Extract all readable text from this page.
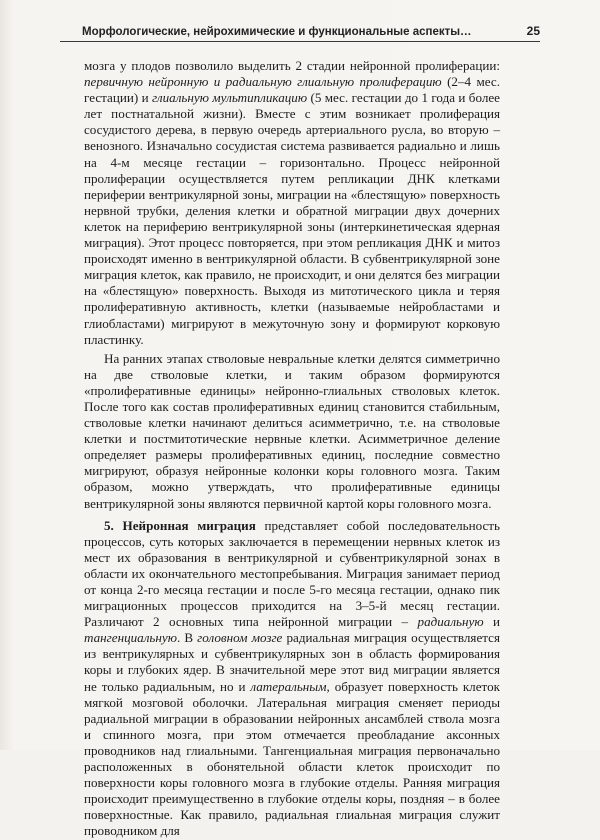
Морфологические, нейрохимические и функциональные аспекты…	25

мозга у плодов позволило выделить 2 стадии нейронной пролиферации: первичную нейронную и радиальную глиальную пролиферацию (2–4 мес. гестации) и глиальную мультипликацию (5 мес. гестации до 1 года и более лет постнатальной жизни). Вместе с этим возникает пролиферация сосудистого дерева, в первую очередь артериального русла, во вторую – венозного. Изначально сосудистая система развивается радиально и лишь на 4-м месяце гестации – горизонтально. Процесс нейронной пролиферации осуществляется путем репликации ДНК клетками периферии вентрикулярной зоны, миграции на «блестящую» поверхность нервной трубки, деления клетки и обратной миграции двух дочерних клеток на периферию вентрикулярной зоны (интеркинетическая ядерная миграция). Этот процесс повторяется, при этом репликация ДНК и митоз происходят именно в вентрикулярной области. В субвентрикулярной зоне миграция клеток, как правило, не происходит, и они делятся без миграции на «блестящую» поверхность. Выходя из митотического цикла и теряя пролиферативную активность, клетки (называемые нейробластами и глиобластами) мигрируют в межуточную зону и формируют корковую пластинку.

На ранних этапах стволовые невральные клетки делятся симметрично на две стволовые клетки, и таким образом формируются «пролиферативные единицы» нейронно-глиальных стволовых клеток. После того как состав пролиферативных единиц становится стабильным, стволовые клетки начинают делиться асимметрично, т.е. на стволовые клетки и постмитотические нервные клетки. Асимметричное деление определяет размеры пролиферативных единиц, последние совместно мигрируют, образуя нейронные колонки коры головного мозга. Таким образом, можно утверждать, что пролиферативные единицы вентрикулярной зоны являются первичной картой коры головного мозга.

5. Нейронная миграция представляет собой последовательность процессов, суть которых заключается в перемещении нервных клеток из мест их образования в вентрикулярной и субвентрикулярной зонах в области их окончательного местопребывания. Миграция занимает период от конца 2-го месяца гестации и после 5-го месяца гестации, однако пик миграционных процессов приходится на 3–5-й месяц гестации. Различают 2 основных типа нейронной миграции – радиальную и тангенциальную. В головном мозге радиальная миграция осуществляется из вентрикулярных и субвентрикулярных зон в область формирования коры и глубоких ядер. В значительной мере этот вид миграции является не только радиальным, но и латеральным, образует поверхность клеток мягкой мозговой оболочки. Латеральная миграция сменяет периоды радиальной миграции в образовании нейронных ансамблей ствола мозга и спинного мозга, при этом отмечается преобладание аксонных проводников над глиальными. Тангенциальная миграция первоначально расположенных в обонятельной области клеток происходит по поверхности коры головного мозга в глубокие отделы. Ранняя миграция происходит преимущественно в глубокие отделы коры, поздняя – в более поверхностные. Как правило, радиальная глиальная миграция служит проводником для
